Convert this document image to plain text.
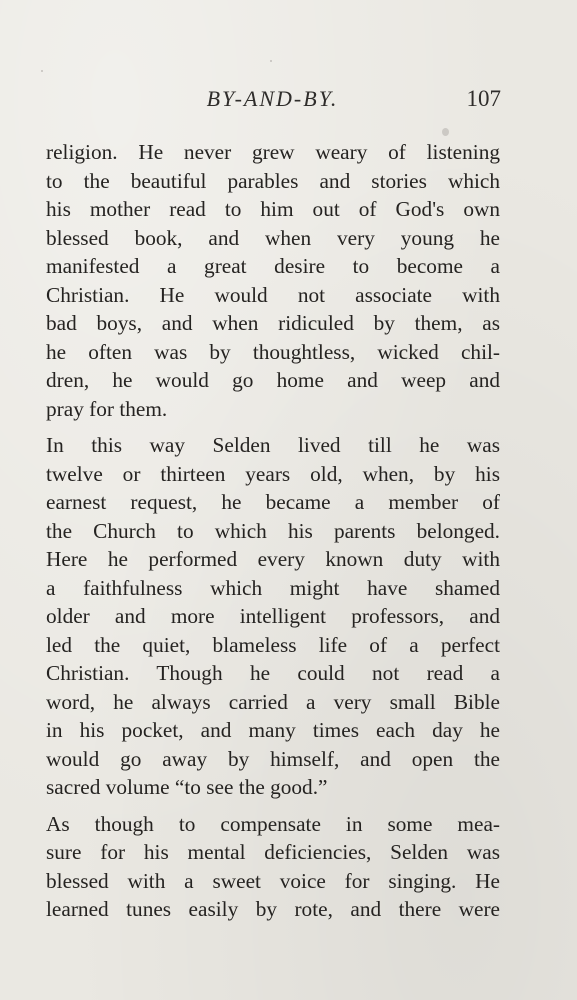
BY-AND-BY.	107
religion. He never grew weary of listening
to the beautiful parables and stories which
his mother read to him out of God's own
blessed book, and when very young he
manifested a great desire to become a
Christian. He would not associate with
bad boys, and when ridiculed by them, as
he often was by thoughtless, wicked chil-
dren, he would go home and weep and
pray for them.
In this way Selden lived till he was
twelve or thirteen years old, when, by his
earnest request, he became a member of
the Church to which his parents belonged.
Here he performed every known duty with
a faithfulness which might have shamed
older and more intelligent professors, and
led the quiet, blameless life of a perfect
Christian. Though he could not read a
word, he always carried a very small Bible
in his pocket, and many times each day he
would go away by himself, and open the
sacred volume “to see the good.”
As though to compensate in some mea-
sure for his mental deficiencies, Selden was
blessed with a sweet voice for singing. He
learned tunes easily by rote, and there were
